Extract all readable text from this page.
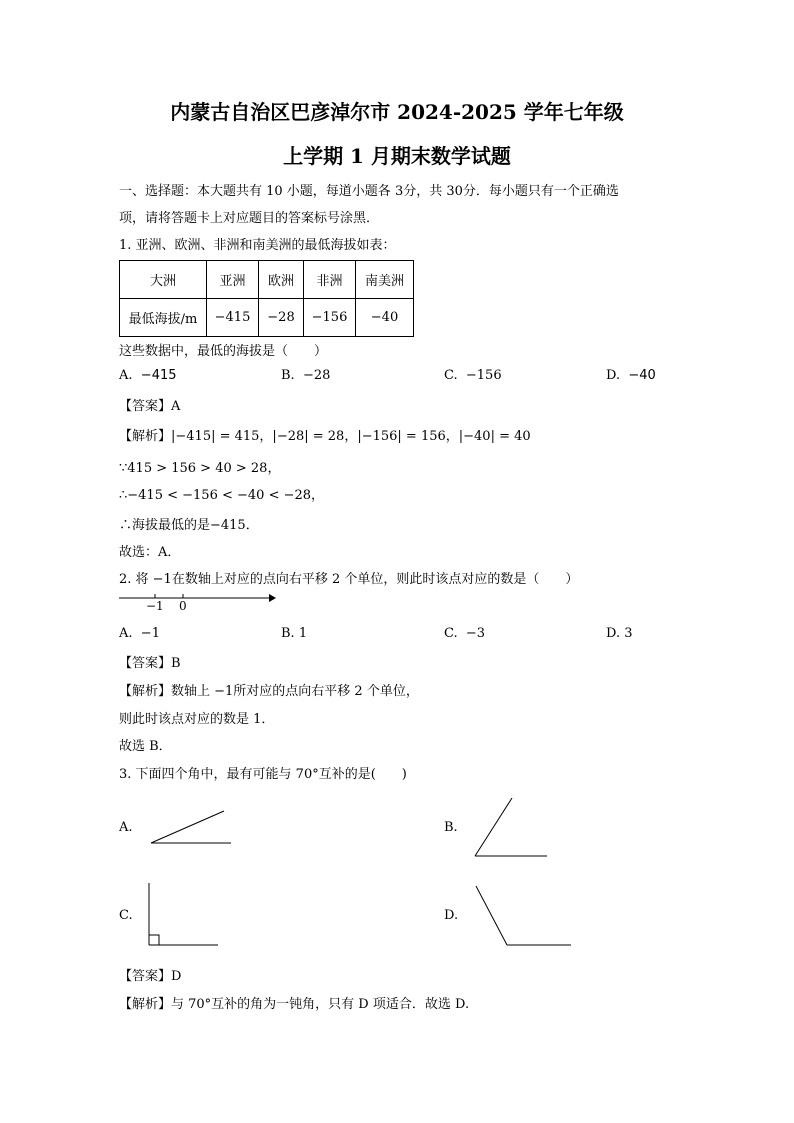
内蒙古自治区巴彦淖尔市 2024-2025 学年七年级
上学期 1 月期末数学试题
一、选择题：本大题共有 10 小题，每道小题各 3分，共 30分．每小题只有一个正确选
项，请将答题卡上对应题目的答案标号涂黑．
1. 亚洲、欧洲、非洲和南美洲的最低海拔如表：
大洲	亚洲	欧洲	非洲	南美洲
最低海拔/m	−415	−28	−156	−40
这些数据中，最低的海拔是（　　）
A. −415	B. −28	C. −156	D. −40
【答案】A
【解析】|−415| = 415，|−28| = 28，|−156| = 156，|−40| = 40
∵415 > 156 > 40 > 28，
∴−415 < −156 < −40 < −28，
∴海拔最低的是−415．
故选：A．
2. 将 −1在数轴上对应的点向右平移 2 个单位，则此时该点对应的数是（　　）
−1 0
A. −1	B. 1	C. −3	D. 3
【答案】B
【解析】数轴上 −1所对应的点向右平移 2 个单位，
则此时该点对应的数是 1．
故选 B．
3. 下面四个角中，最有可能与 70°互补的是(　　)
A.	B.
C.	D.
【答案】D
【解析】与 70°互补的角为一钝角，只有 D 项适合．故选 D.
